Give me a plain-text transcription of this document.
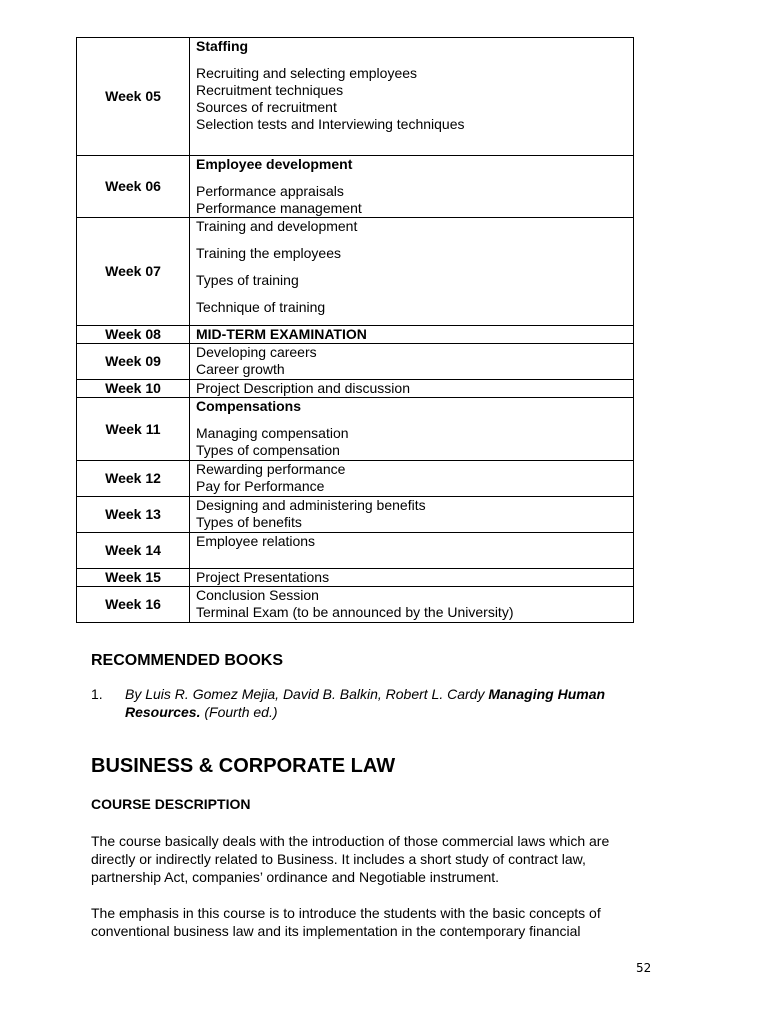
Week 05	Staffing
Recruiting and selecting employees
Recruitment techniques
Sources of recruitment
Selection tests and Interviewing techniques

Week 06	Employee development
Performance appraisals
Performance management

Week 07	Training and development
Training the employees
Types of training
Technique of training

Week 08	MID-TERM EXAMINATION

Week 09	Developing careers
Career growth

Week 10	Project Description and discussion

Week 11	Compensations
Managing compensation
Types of compensation

Week 12	Rewarding performance
Pay for Performance

Week 13	Designing and administering benefits
Types of benefits

Week 14	Employee relations

Week 15	Project Presentations

Week 16	Conclusion Session
Terminal Exam (to be announced by the University)
RECOMMENDED BOOKS
1. By Luis R. Gomez Mejia, David B. Balkin, Robert L. Cardy Managing Human Resources. (Fourth ed.)
BUSINESS & CORPORATE LAW
COURSE DESCRIPTION
The course basically deals with the introduction of those commercial laws which are directly or indirectly related to Business. It includes a short study of contract law, partnership Act, companies’ ordinance and Negotiable instrument.
The emphasis in this course is to introduce the students with the basic concepts of conventional business law and its implementation in the contemporary financial
52
